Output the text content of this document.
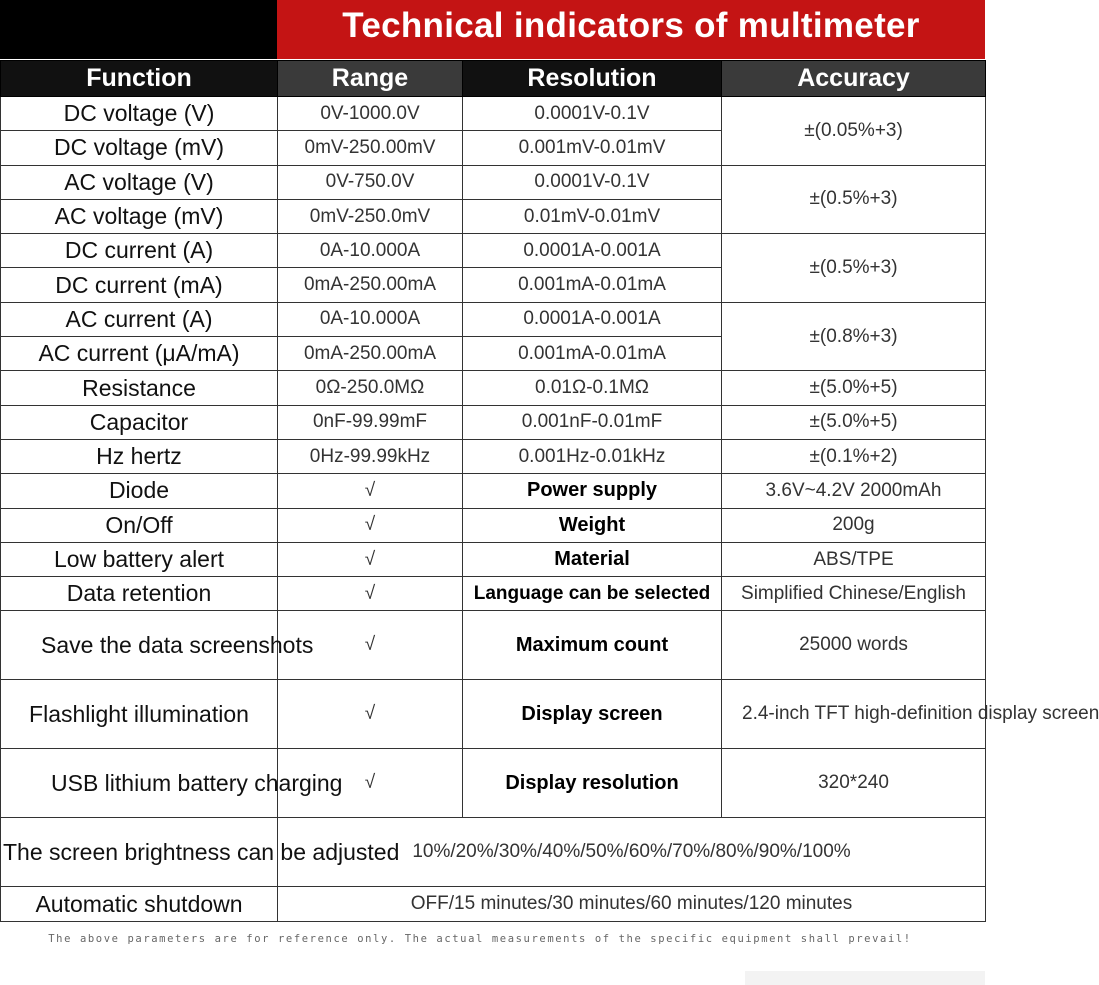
Technical indicators of multimeter
Function	Range	Resolution	Accuracy
DC voltage (V)	0V-1000.0V	0.0001V-0.1V	±(0.05%+3)
DC voltage (mV)	0mV-250.00mV	0.001mV-0.01mV	
AC voltage (V)	0V-750.0V	0.0001V-0.1V	±(0.5%+3)
AC voltage (mV)	0mV-250.0mV	0.01mV-0.01mV	
DC current (A)	0A-10.000A	0.0001A-0.001A	±(0.5%+3)
DC current (mA)	0mA-250.00mA	0.001mA-0.01mA	
AC current (A)	0A-10.000A	0.0001A-0.001A	±(0.8%+3)
AC current (μA/mA)	0mA-250.00mA	0.001mA-0.01mA	
Resistance	0Ω-250.0MΩ	0.01Ω-0.1MΩ	±(5.0%+5)
Capacitor	0nF-99.99mF	0.001nF-0.01mF	±(5.0%+5)
Hz hertz	0Hz-99.99kHz	0.001Hz-0.01kHz	±(0.1%+2)
Diode	√	Power supply	3.6V~4.2V 2000mAh
On/Off	√	Weight	200g
Low battery alert	√	Material	ABS/TPE
Data retention	√	Language can be selected	Simplified Chinese/English
Save the data screenshots	√	Maximum count	25000 words
Flashlight illumination	√	Display screen	2.4-inch TFT high-definition display screen
USB lithium battery charging	√	Display resolution	320*240
The screen brightness can be adjusted	10%/20%/30%/40%/50%/60%/70%/80%/90%/100%		
Automatic shutdown	OFF/15 minutes/30 minutes/60 minutes/120 minutes		
The above parameters are for reference only. The actual measurements of the specific equipment shall prevail!
